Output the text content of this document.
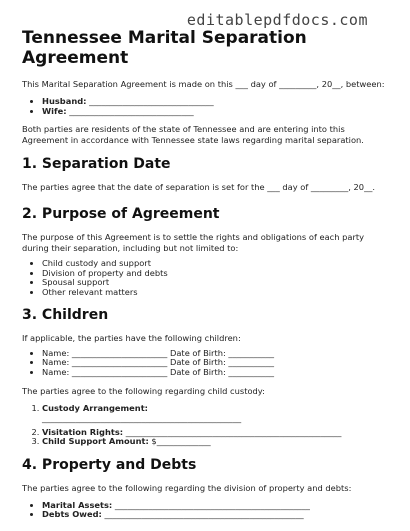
editablepdfdocs.com
Tennessee Marital Separation Agreement

This Marital Separation Agreement is made on this ___ day of _________, 20__, between:

• Husband: ______________________________
• Wife: ______________________________

Both parties are residents of the state of Tennessee and are entering into this Agreement in accordance with Tennessee state laws regarding marital separation.

1. Separation Date

The parties agree that the date of separation is set for the ___ day of _________, 20__.

2. Purpose of Agreement

The purpose of this Agreement is to settle the rights and obligations of each party during their separation, including but not limited to:

• Child custody and support
• Division of property and debts
• Spousal support
• Other relevant matters
3. Children

If applicable, the parties have the following children:

• Name: _______________________ Date of Birth: ___________
• Name: _______________________ Date of Birth: ___________
• Name: _______________________ Date of Birth: ___________

The parties agree to the following regarding child custody:

1. Custody Arrangement:
________________________________________________
2. Visitation Rights: ____________________________________________________
3. Child Support Amount: $_____________
4. Property and Debts

The parties agree to the following regarding the division of property and debts:

• Marital Assets: _______________________________________________
• Debts Owed: ________________________________________________
